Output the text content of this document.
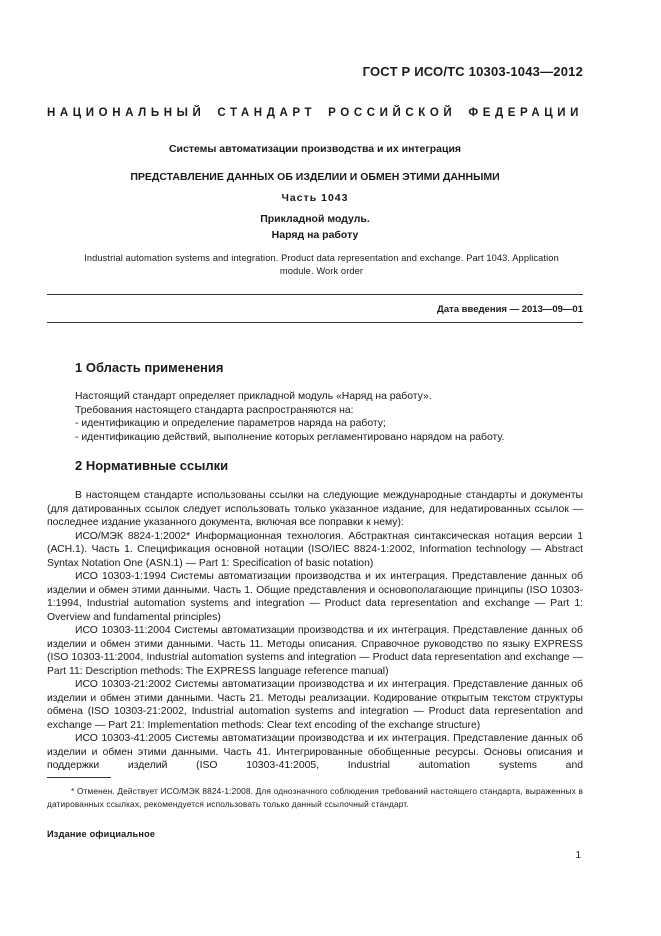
ГОСТ Р ИСО/ТС 10303-1043—2012
НАЦИОНАЛЬНЫЙ СТАНДАРТ РОССИЙСКОЙ ФЕДЕРАЦИИ
Системы автоматизации производства и их интеграция
ПРЕДСТАВЛЕНИЕ ДАННЫХ ОБ ИЗДЕЛИИ И ОБМЕН ЭТИМИ ДАННЫМИ
Часть 1043
Прикладной модуль.
Наряд на работу
Industrial automation systems and integration. Product data representation and exchange. Part 1043. Application
module. Work order
Дата введения — 2013—09—01
1 Область применения

Настоящий стандарт определяет прикладной модуль «Наряд на работу».

Требования настоящего стандарта распространяются на:

- идентификацию и определение параметров наряда на работу;

- идентификацию действий, выполнение которых регламентировано нарядом на работу.

2 Нормативные ссылки

В настоящем стандарте использованы ссылки на следующие международные стандарты и документы (для датированных ссылок следует использовать только указанное издание, для недатированных ссылок — последнее издание указанного документа, включая все поправки к нему):

ИСО/МЭК 8824-1:2002* Информационная технология. Абстрактная синтаксическая нотация версии 1 (АСН.1). Часть 1. Спецификация основной нотации (ISO/IEC 8824-1:2002, Information technology — Abstract Syntax Notation One (ASN.1) — Part 1: Specification of basic notation)

ИСО 10303-1:1994 Системы автоматизации производства и их интеграция. Представление данных об изделии и обмен этими данными. Часть 1. Общие представления и основополагающие принципы (ISO 10303-1:1994, Industrial automation systems and integration — Product data representation and exchange — Part 1: Overview and fundamental principles)

ИСО 10303-11:2004 Системы автоматизации производства и их интеграция. Представление данных об изделии и обмен этими данными. Часть 11. Методы описания. Справочное руководство по языку EXPRESS (ISO 10303-11:2004, Industrial automation systems and integration — Product data representation and exchange — Part 11: Description methods: The EXPRESS language reference manual)

ИСО 10303-21:2002 Системы автоматизации производства и их интеграция. Представление данных об изделии и обмен этими данными. Часть 21. Методы реализации. Кодирование открытым текстом структуры обмена (ISO 10303-21:2002, Industrial automation systems and integration — Product data representation and exchange — Part 21: Implementation methods: Clear text encoding of the exchange structure)

ИСО 10303-41:2005 Системы автоматизации производства и их интеграция. Представление данных об изделии и обмен этими данными. Часть 41. Интегрированные обобщенные ресурсы. Основы описания и поддержки изделий (ISO 10303-41:2005, Industrial automation systems and

* Отменен. Действует ИСО/МЭК 8824-1:2008. Для однозначного соблюдения требований настоящего стандарта, выраженных в датированных ссылках, рекомендуется использовать только данный ссылочный стандарт.
Издание официальное
1
